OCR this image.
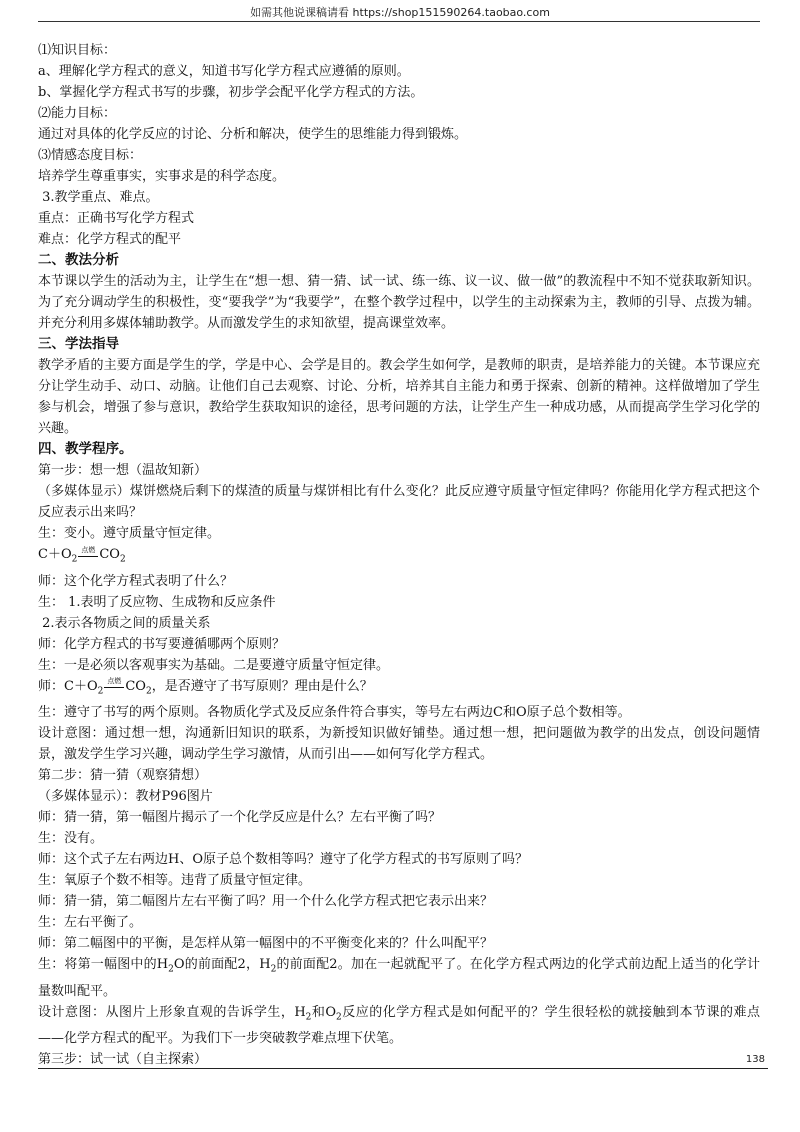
如需其他说课稿请看 https://shop151590264.taobao.com
⑴知识目标：
a、理解化学方程式的意义，知道书写化学方程式应遵循的原则。
b、掌握化学方程式书写的步骤，初步学会配平化学方程式的方法。
⑵能力目标：
通过对具体的化学反应的讨论、分析和解决，使学生的思维能力得到锻炼。
⑶情感态度目标：
培养学生尊重事实，实事求是的科学态度。
3.教学重点、难点。
重点：正确书写化学方程式
难点：化学方程式的配平
二、教法分析
本节课以学生的活动为主，让学生在“想一想、猜一猜、试一试、练一练、议一议、做一做”的教流程中不知不觉获取新知识。为了充分调动学生的积极性，变“要我学”为“我要学”，在整个教学过程中，以学生的主动探索为主，教师的引导、点拨为辅。并充分利用多媒体辅助教学。从而激发学生的求知欲望，提高课堂效率。
三、学法指导
教学矛盾的主要方面是学生的学，学是中心、会学是目的。教会学生如何学，是教师的职责，是培养能力的关键。本节课应充分让学生动手、动口、动脑。让他们自己去观察、讨论、分析，培养其自主能力和勇于探索、创新的精神。这样做增加了学生参与机会，增强了参与意识，教给学生获取知识的途径，思考问题的方法，让学生产生一种成功感，从而提高学生学习化学的兴趣。
四、教学程序。
第一步：想一想（温故知新）
（多媒体显示）煤饼燃烧后剩下的煤渣的质量与煤饼相比有什么变化？此反应遵守质量守恒定律吗？你能用化学方程式把这个反应表示出来吗？
生：变小。遵守质量守恒定律。
$C+O_2$
点燃 $CO_2$
师：这个化学方程式表明了什么？
生： 1.表明了反应物、生成物和反应条件
2.表示各物质之间的质量关系
师：化学方程式的书写要遵循哪两个原则？
生：一是必须以客观事实为基础。二是要遵守质量守恒定律。
师：$C+O_2$
点燃 $CO_2$，是否遵守了书写原则？理由是什么？
生：遵守了书写的两个原则。各物质化学式及反应条件符合事实，等号左右两边C和O原子总个数相等。
设计意图：通过想一想，沟通新旧知识的联系，为新授知识做好铺垫。通过想一想，把问题做为教学的出发点，创设问题情景，激发学生学习兴趣，调动学生学习激情，从而引出——如何写化学方程式。
第二步：猜一猜（观察猜想）
（多媒体显示）：教材P96图片
师：猜一猜，第一幅图片揭示了一个化学反应是什么？左右平衡了吗？
生：没有。
师：这个式子左右两边H、O原子总个数相等吗？遵守了化学方程式的书写原则了吗？
生：氧原子个数不相等。违背了质量守恒定律。
师：猜一猜，第二幅图片左右平衡了吗？用一个什么化学方程式把它表示出来？
生：左右平衡了。
师：第二幅图中的平衡，是怎样从第一幅图中的不平衡变化来的？什么叫配平？
生：将第一幅图中的$H_2O$的前面配2，$H_2$的前面配2。加在一起就配平了。在化学方程式两边的化学式前边配上适当的化学计量数叫配平。
设计意图：从图片上形象直观的告诉学生，$H_2$和$O_2$反应的化学方程式是如何配平的？学生很轻松的就接触到本节课的难点——化学方程式的配平。为我们下一步突破教学难点埋下伏笔。
第三步：试一试（自主探索）	138
